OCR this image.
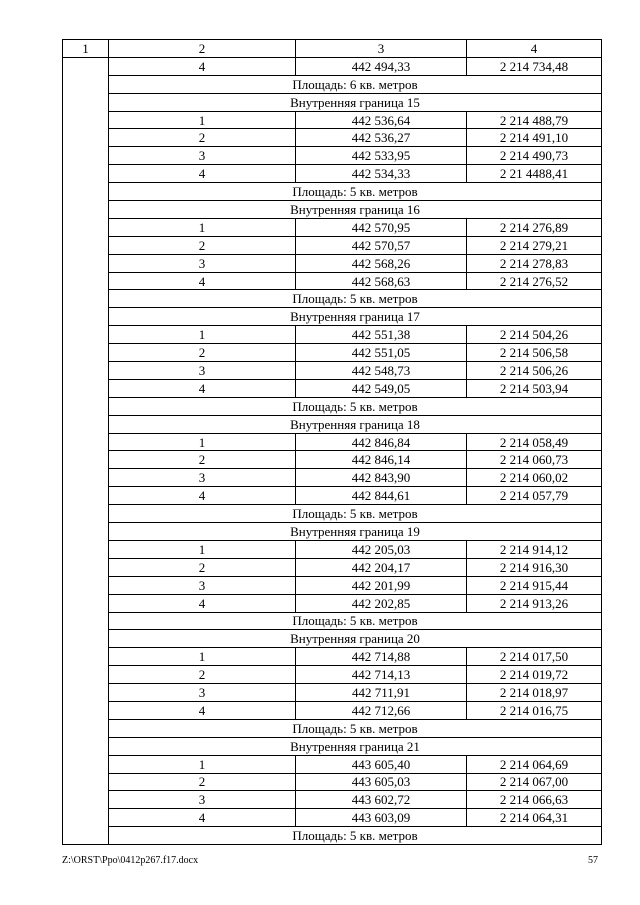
1	2	3	4
	4	442 494,33	2 214 734,48
	Площадь: 6 кв. метров		
	Внутренняя граница 15		
	1	442 536,64	2 214 488,79
	2	442 536,27	2 214 491,10
	3	442 533,95	2 214 490,73
	4	442 534,33	2 21 4488,41
	Площадь: 5 кв. метров		
	Внутренняя граница 16		
	1	442 570,95	2 214 276,89
	2	442 570,57	2 214 279,21
	3	442 568,26	2 214 278,83
	4	442 568,63	2 214 276,52
	Площадь: 5 кв. метров		
	Внутренняя граница 17		
	1	442 551,38	2 214 504,26
	2	442 551,05	2 214 506,58
	3	442 548,73	2 214 506,26
	4	442 549,05	2 214 503,94
	Площадь: 5 кв. метров		
	Внутренняя граница 18		
	1	442 846,84	2 214 058,49
	2	442 846,14	2 214 060,73
	3	442 843,90	2 214 060,02
	4	442 844,61	2 214 057,79
	Площадь: 5 кв. метров		
	Внутренняя граница 19		
	1	442 205,03	2 214 914,12
	2	442 204,17	2 214 916,30
	3	442 201,99	2 214 915,44
	4	442 202,85	2 214 913,26
	Площадь: 5 кв. метров		
	Внутренняя граница 20		
	1	442 714,88	2 214 017,50
	2	442 714,13	2 214 019,72
	3	442 711,91	2 214 018,97
	4	442 712,66	2 214 016,75
	Площадь: 5 кв. метров		
	Внутренняя граница 21		
	1	443 605,40	2 214 064,69
	2	443 605,03	2 214 067,00
	3	443 602,72	2 214 066,63
	4	443 603,09	2 214 064,31
	Площадь: 5 кв. метров		
Z:\ORST\Ppo\0412p267.f17.docx	57
